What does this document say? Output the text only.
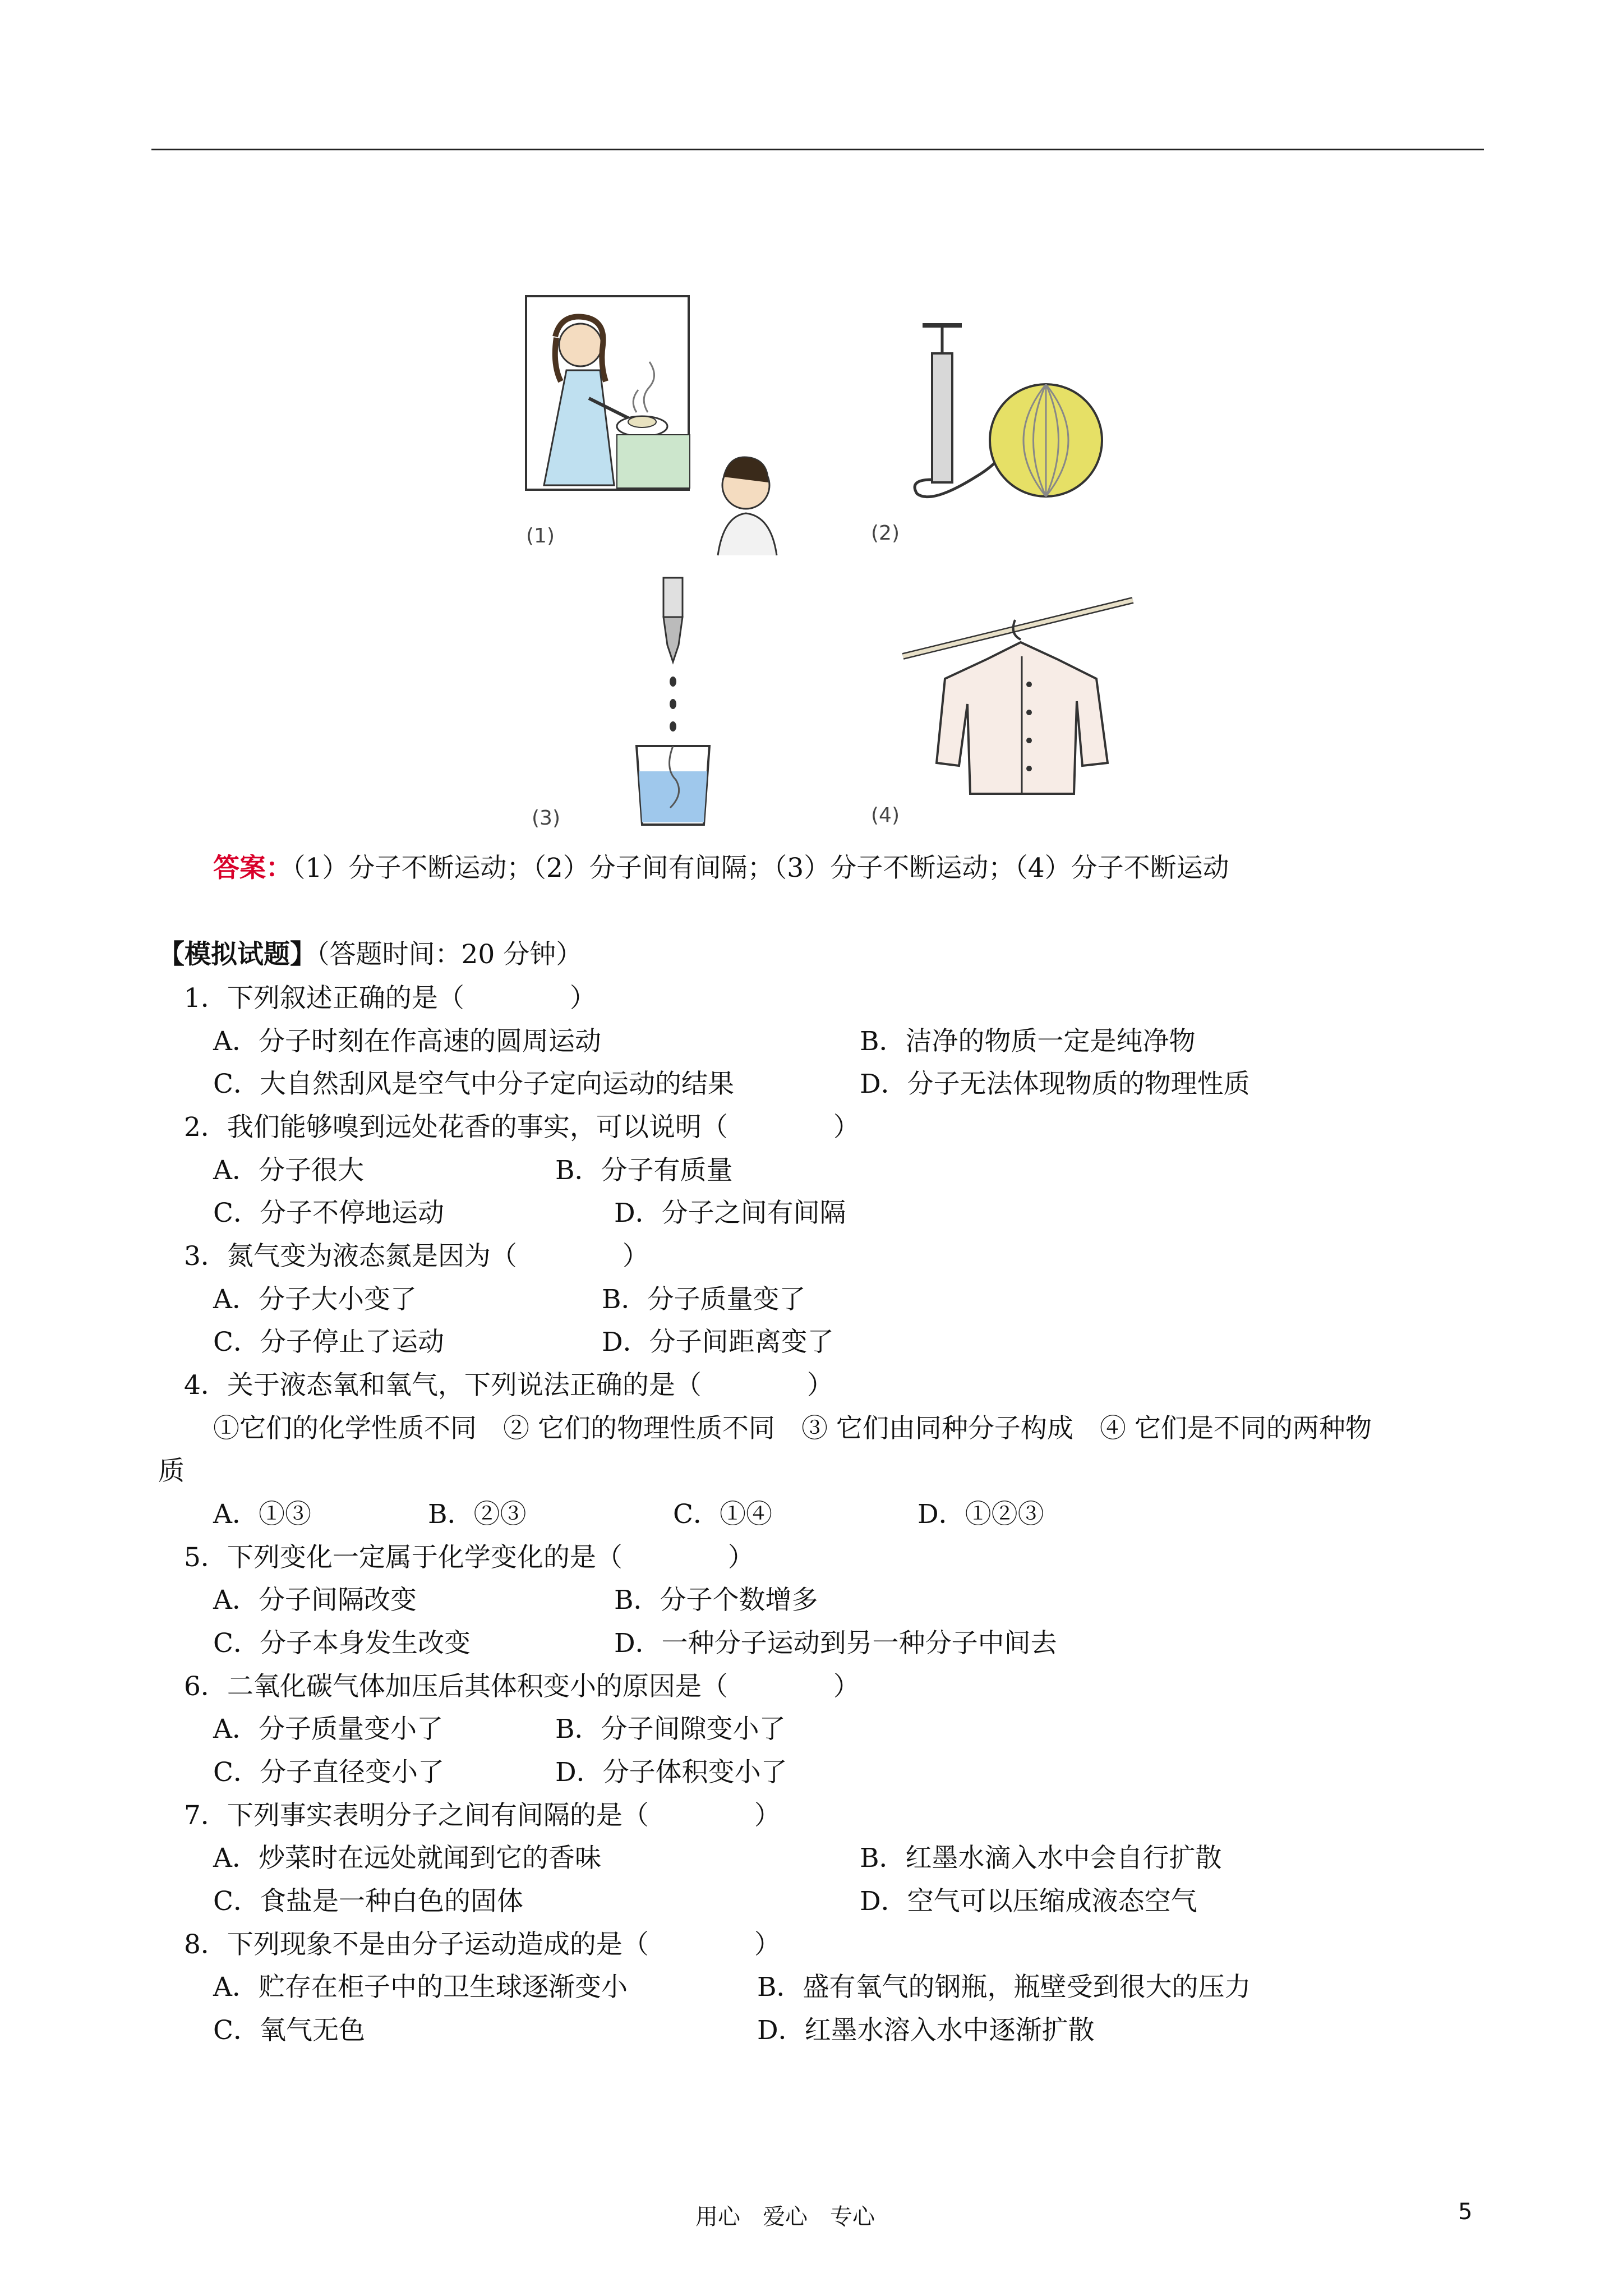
(1)	(2)
(3)	(4)
答案：（1）分子不断运动；（2）分子间有间隔；（3）分子不断运动；（4）分子不断运动
【模拟试题】（答题时间：20 分钟）
1．下列叙述正确的是（　　　　）
A．分子时刻在作高速的圆周运动	B．洁净的物质一定是纯净物
C．大自然刮风是空气中分子定向运动的结果	D．分子无法体现物质的物理性质
2．我们能够嗅到远处花香的事实，可以说明（　　　　）
A．分子很大	B．分子有质量
C．分子不停地运动	D．分子之间有间隔
3．氮气变为液态氮是因为（　　　　）
A．分子大小变了	B．分子质量变了
C．分子停止了运动	D．分子间距离变了
4．关于液态氧和氧气，下列说法正确的是（　　　　）
①它们的化学性质不同　② 它们的物理性质不同　③ 它们由同种分子构成　④ 它们是不同的两种物
质
A．①③	B．②③	C．①④	D．①②③
5．下列变化一定属于化学变化的是（　　　　）
A．分子间隔改变	B．分子个数增多
C．分子本身发生改变	D．一种分子运动到另一种分子中间去
6．二氧化碳气体加压后其体积变小的原因是（　　　　）
A．分子质量变小了	B．分子间隙变小了
C．分子直径变小了	D．分子体积变小了
7．下列事实表明分子之间有间隔的是（　　　　）
A．炒菜时在远处就闻到它的香味	B．红墨水滴入水中会自行扩散
C．食盐是一种白色的固体	D．空气可以压缩成液态空气
8．下列现象不是由分子运动造成的是（　　　　）
A．贮存在柜子中的卫生球逐渐变小	B．盛有氧气的钢瓶，瓶壁受到很大的压力
C．氧气无色	D．红墨水溶入水中逐渐扩散
用心　爱心　专心	5
